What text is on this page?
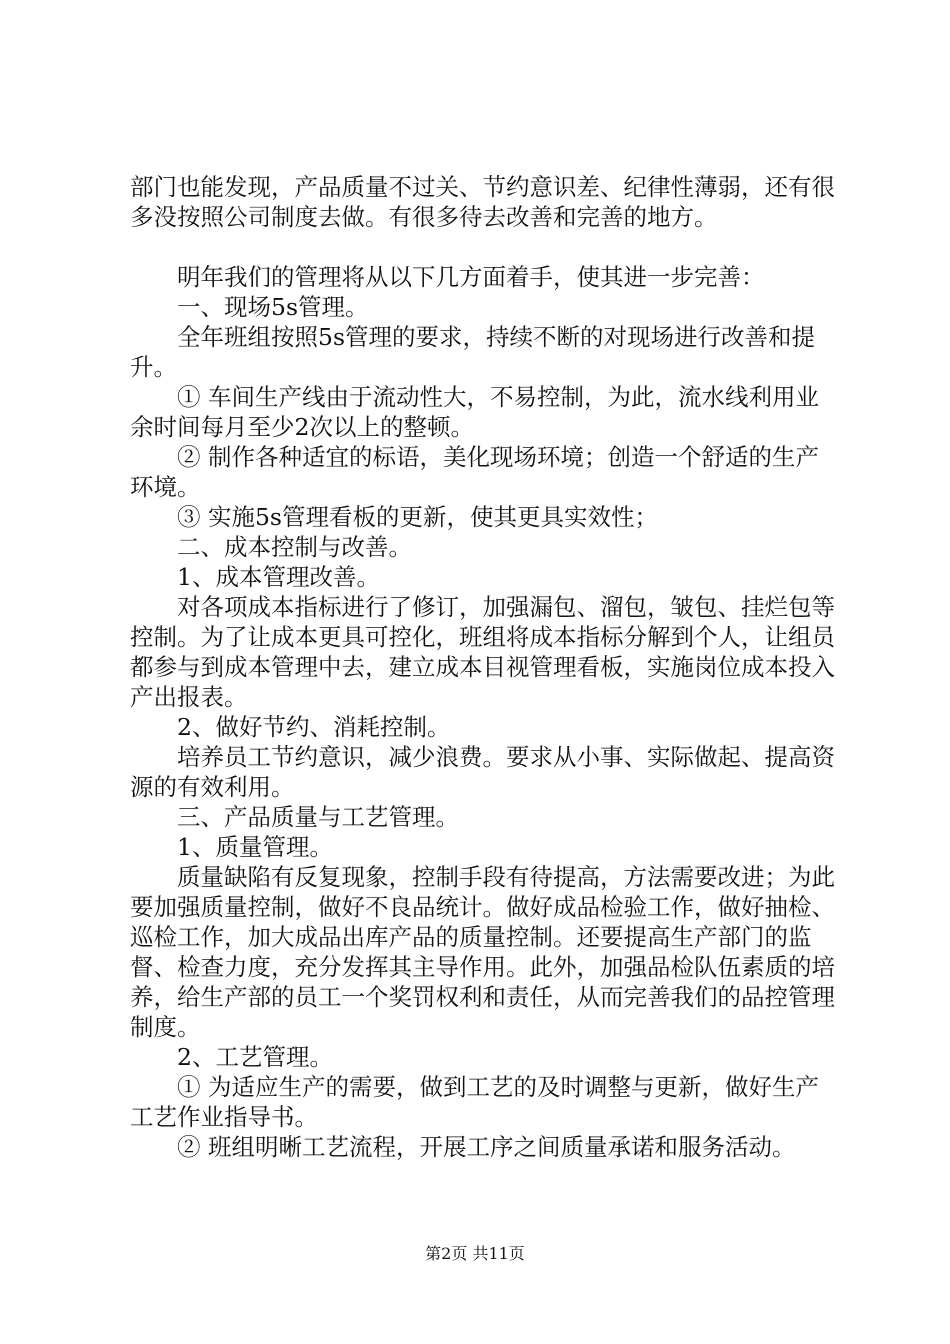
部门也能发现，产品质量不过关、节约意识差、纪律性薄弱，还有很多没按照公司制度去做。有很多待去改善和完善的地方。

明年我们的管理将从以下几方面着手，使其进一步完善：

一、现场5s管理。

全年班组按照5s管理的要求，持续不断的对现场进行改善和提升。

① 车间生产线由于流动性大，不易控制，为此，流水线利用业余时间每月至少2次以上的整顿。

② 制作各种适宜的标语，美化现场环境；创造一个舒适的生产环境。

③ 实施5s管理看板的更新，使其更具实效性；

二、成本控制与改善。

1、成本管理改善。

对各项成本指标进行了修订，加强漏包、溜包，皱包、挂烂包等控制。为了让成本更具可控化，班组将成本指标分解到个人，让组员都参与到成本管理中去，建立成本目视管理看板，实施岗位成本投入产出报表。

2、做好节约、消耗控制。

培养员工节约意识，减少浪费。要求从小事、实际做起、提高资源的有效利用。

三、产品质量与工艺管理。

1、质量管理。

质量缺陷有反复现象，控制手段有待提高，方法需要改进；为此要加强质量控制，做好不良品统计。做好成品检验工作，做好抽检、巡检工作，加大成品出库产品的质量控制。还要提高生产部门的监督、检查力度，充分发挥其主导作用。此外，加强品检队伍素质的培养，给生产部的员工一个奖罚权利和责任，从而完善我们的品控管理制度。

2、工艺管理。

① 为适应生产的需要，做到工艺的及时调整与更新，做好生产工艺作业指导书。

② 班组明晰工艺流程，开展工序之间质量承诺和服务活动。

第2页 共11页
